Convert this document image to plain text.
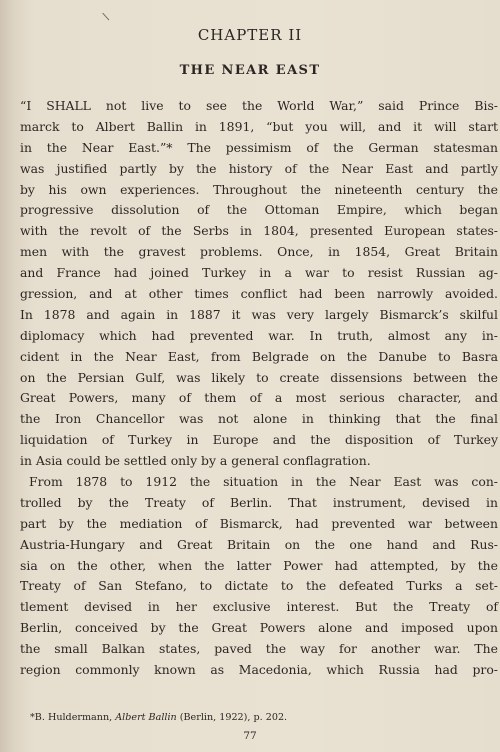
\
CHAPTER II
THE NEAR EAST
“I SHALL not live to see the World War,” said Prince Bis-
marck to Albert Ballin in 1891, “but you will, and it will start
in the Near East.”* The pessimism of the German statesman
was justified partly by the history of the Near East and partly
by his own experiences. Throughout the nineteenth century the
progressive dissolution of the Ottoman Empire, which began
with the revolt of the Serbs in 1804, presented European states-
men with the gravest problems. Once, in 1854, Great Britain
and France had joined Turkey in a war to resist Russian ag-
gression, and at other times conflict had been narrowly avoided.
In 1878 and again in 1887 it was very largely Bismarck’s skilful
diplomacy which had prevented war. In truth, almost any in-
cident in the Near East, from Belgrade on the Danube to Basra
on the Persian Gulf, was likely to create dissensions between the
Great Powers, many of them of a most serious character, and
the Iron Chancellor was not alone in thinking that the final
liquidation of Turkey in Europe and the disposition of Turkey
in Asia could be settled only by a general conflagration.
From 1878 to 1912 the situation in the Near East was con-
trolled by the Treaty of Berlin. That instrument, devised in
part by the mediation of Bismarck, had prevented war between
Austria-Hungary and Great Britain on the one hand and Rus-
sia on the other, when the latter Power had attempted, by the
Treaty of San Stefano, to dictate to the defeated Turks a set-
tlement devised in her exclusive interest. But the Treaty of
Berlin, conceived by the Great Powers alone and imposed upon
the small Balkan states, paved the way for another war. The
region commonly known as Macedonia, which Russia had pro-
*B. Huldermann, Albert Ballin (Berlin, 1922), p. 202.
77
